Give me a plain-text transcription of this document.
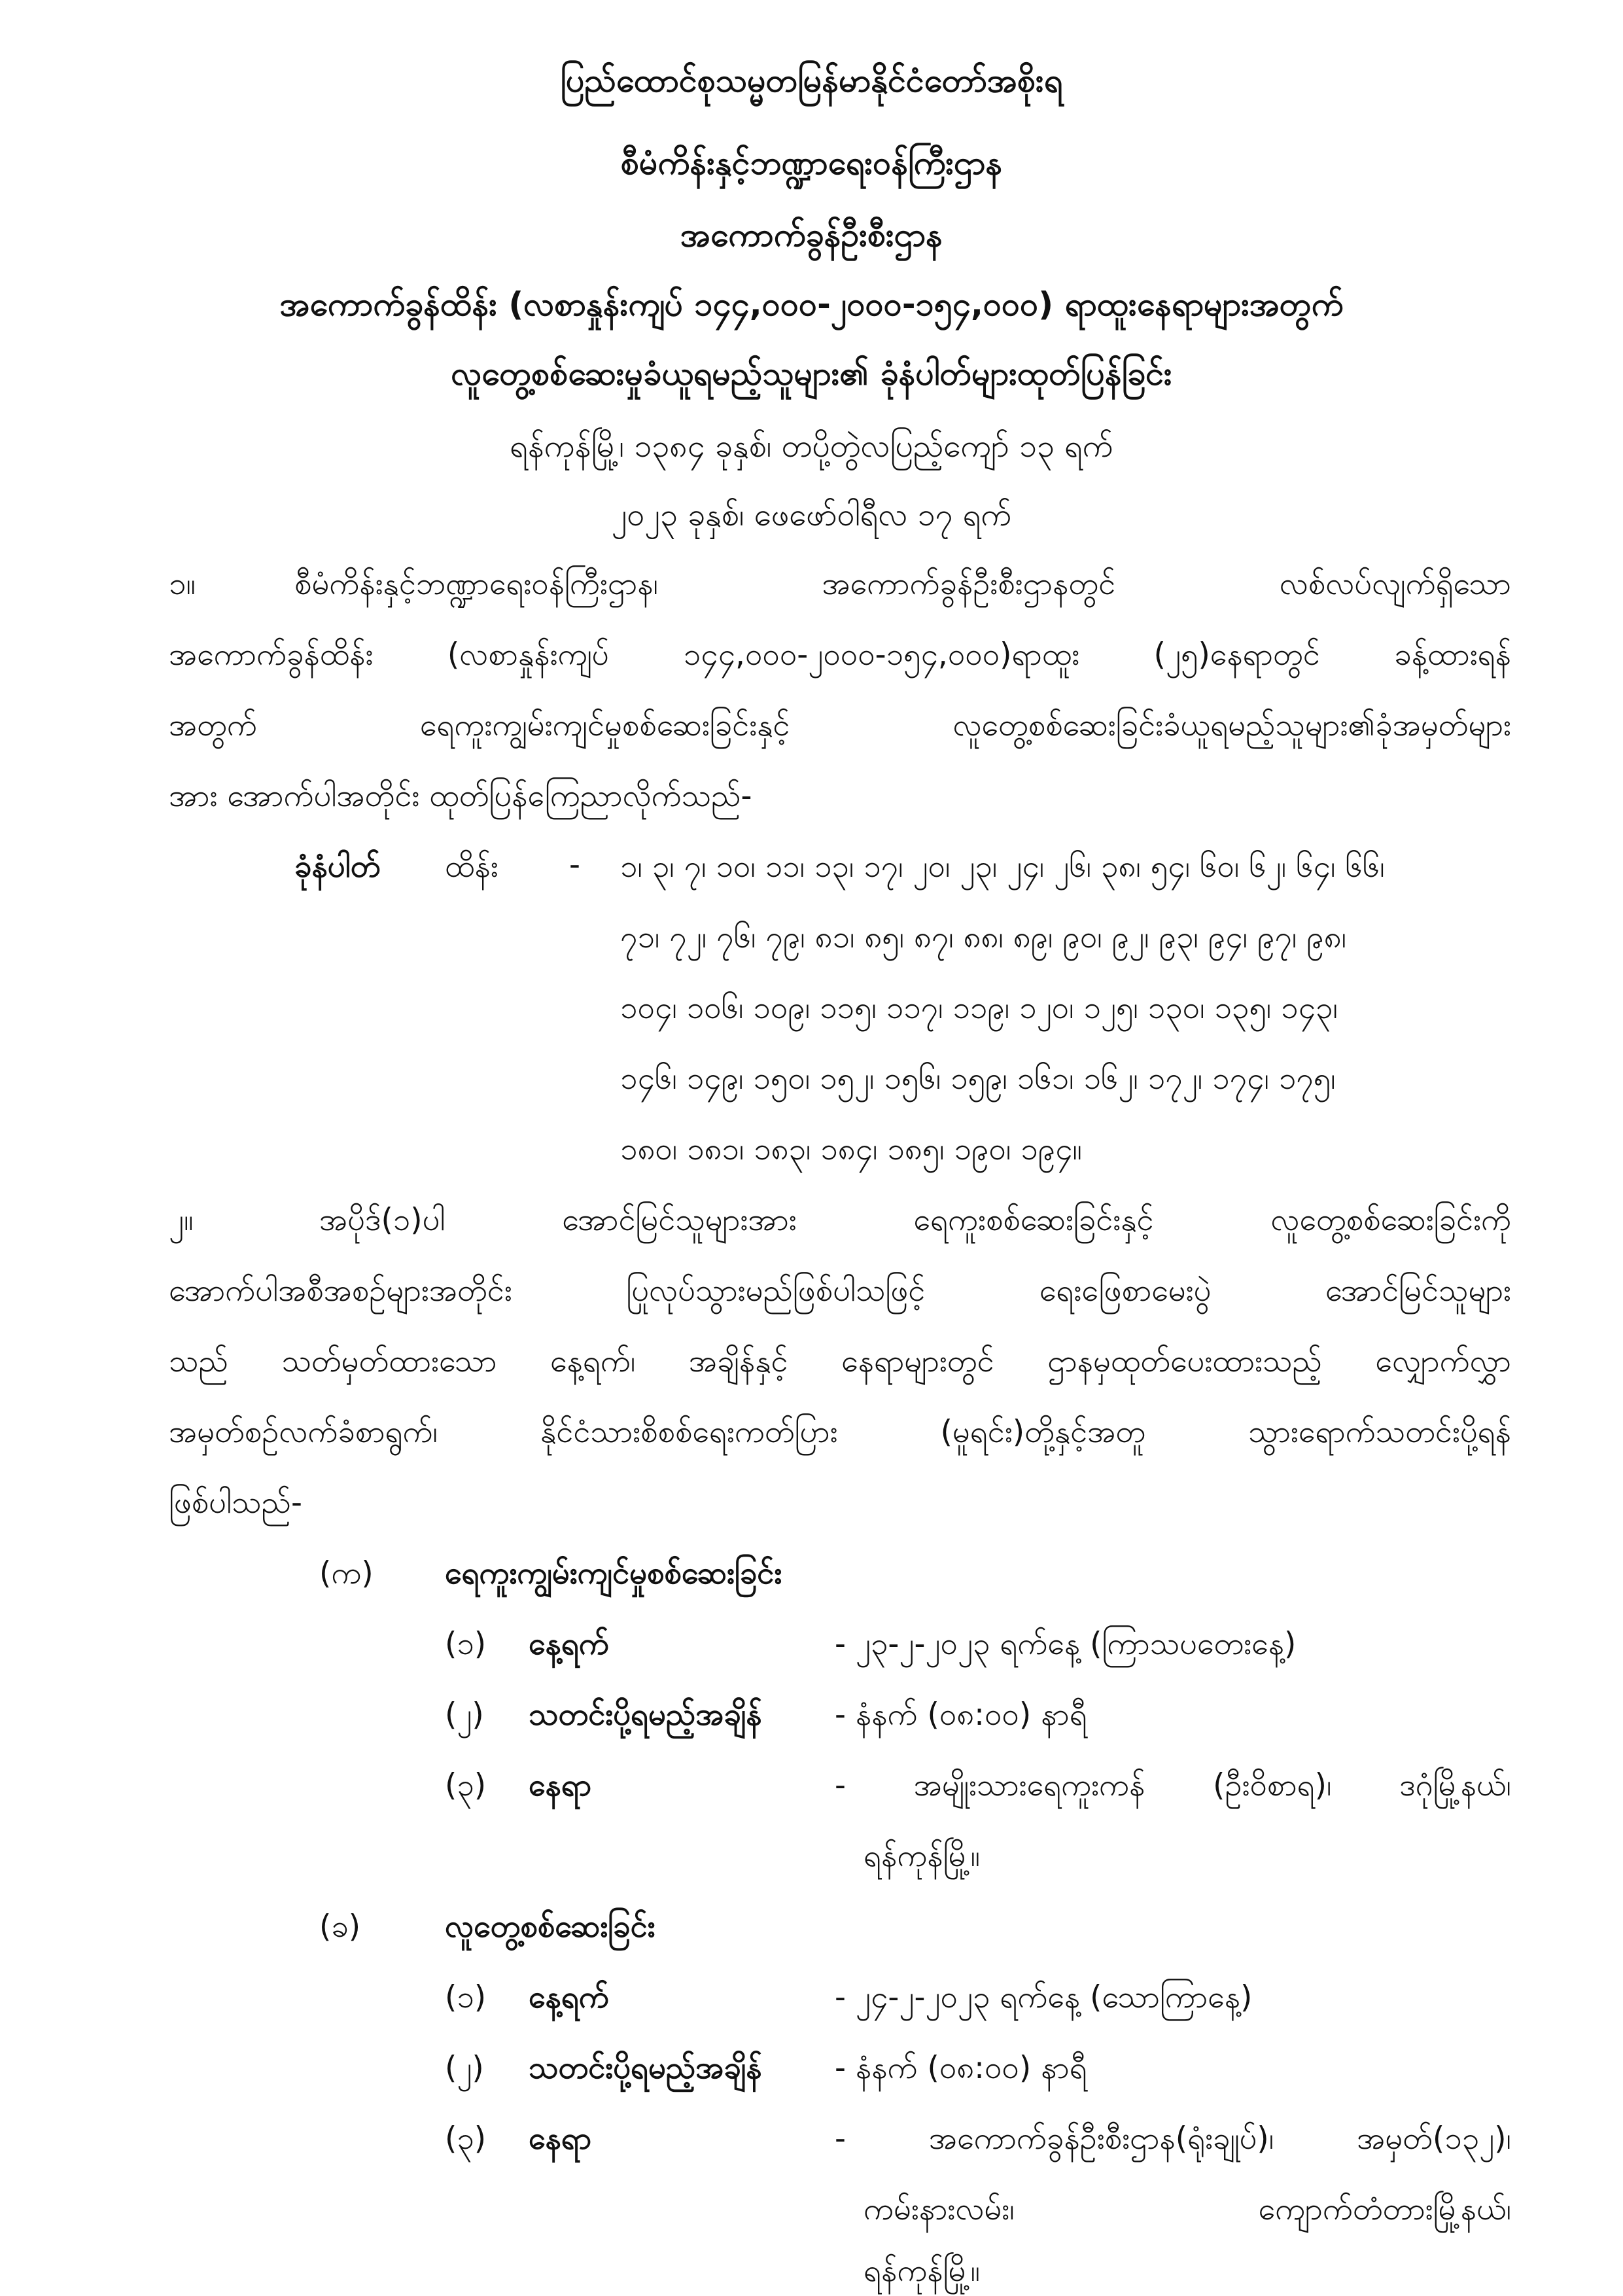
ပြည်ထောင်စုသမ္မတမြန်မာနိုင်ငံတော်အစိုးရ
စီမံကိန်းနှင့်ဘဏ္ဍာရေးဝန်ကြီးဌာန
အကောက်ခွန်ဦးစီးဌာန
အကောက်ခွန်ထိန်း (လစာနှုန်းကျပ် ၁၄၄,၀၀၀-၂၀၀၀-၁၅၄,၀၀၀) ရာထူးနေရာများအတွက်
လူတွေ့စစ်ဆေးမှုခံယူရမည့်သူများ၏ ခုံနံပါတ်များထုတ်ပြန်ခြင်း
ရန်ကုန်မြို့၊ ၁၃၈၄ ခုနှစ်၊ တပို့တွဲလပြည့်ကျော် ၁၃ ရက်
၂၀၂၃ ခုနှစ်၊ ဖေဖော်ဝါရီလ ၁၇ ရက်
၁။	စီမံကိန်းနှင့်ဘဏ္ဍာရေးဝန်ကြီးဌာန၊ အကောက်ခွန်ဦးစီးဌာနတွင် လစ်လပ်လျက်ရှိသော
အကောက်ခွန်ထိန်း (လစာနှုန်းကျပ် ၁၄၄,၀၀၀-၂၀၀၀-၁၅၄,၀၀၀)ရာထူး (၂၅)နေရာတွင် ခန့်ထားရန်
အတွက် ရေကူးကျွမ်းကျင်မှုစစ်ဆေးခြင်းနှင့် လူတွေ့စစ်ဆေးခြင်းခံယူရမည့်သူများ၏ခုံအမှတ်များ
အား အောက်ပါအတိုင်း ထုတ်ပြန်ကြေညာလိုက်သည်-
ခုံနံပါတ် ထိန်း - ၁၊ ၃၊ ၇၊ ၁၀၊ ၁၁၊ ၁၃၊ ၁၇၊ ၂၀၊ ၂၃၊ ၂၄၊ ၂၆၊ ၃၈၊ ၅၄၊ ၆၀၊ ၆၂၊ ၆၄၊ ၆၆၊
၇၁၊ ၇၂၊ ၇၆၊ ၇၉၊ ၈၁၊ ၈၅၊ ၈၇၊ ၈၈၊ ၈၉၊ ၉၀၊ ၉၂၊ ၉၃၊ ၉၄၊ ၉၇၊ ၉၈၊
၁၀၄၊ ၁၀၆၊ ၁၀၉၊ ၁၁၅၊ ၁၁၇၊ ၁၁၉၊ ၁၂၀၊ ၁၂၅၊ ၁၃၀၊ ၁၃၅၊ ၁၄၃၊
၁၄၆၊ ၁၄၉၊ ၁၅၀၊ ၁၅၂၊ ၁၅၆၊ ၁၅၉၊ ၁၆၁၊ ၁၆၂၊ ၁၇၂၊ ၁၇၄၊ ၁၇၅၊
၁၈၀၊ ၁၈၁၊ ၁၈၃၊ ၁၈၄၊ ၁၈၅၊ ၁၉၀၊ ၁၉၄။
၂။	အပိုဒ်(၁)ပါ အောင်မြင်သူများအား ရေကူးစစ်ဆေးခြင်းနှင့် လူတွေ့စစ်ဆေးခြင်းကို
အောက်ပါအစီအစဉ်များအတိုင်း ပြုလုပ်သွားမည်ဖြစ်ပါသဖြင့် ရေးဖြေစာမေးပွဲ အောင်မြင်သူများ
သည် သတ်မှတ်ထားသော နေ့ရက်၊ အချိန်နှင့် နေရာများတွင် ဌာနမှထုတ်ပေးထားသည့် လျှောက်လွှာ
အမှတ်စဉ်လက်ခံစာရွက်၊ နိုင်ငံသားစိစစ်ရေးကတ်ပြား (မူရင်း)တို့နှင့်အတူ သွားရောက်သတင်းပို့ရန်
ဖြစ်ပါသည်-
(က) ရေကူးကျွမ်းကျင်မှုစစ်ဆေးခြင်း
(၁) နေ့ရက်	- ၂၃-၂-၂၀၂၃ ရက်နေ့ (ကြာသပတေးနေ့)
(၂) သတင်းပို့ရမည့်အချိန် - နံနက် (၀၈:၀၀) နာရီ
(၃) နေရာ	- အမျိုးသားရေကူးကန် (ဦးဝိစာရ)၊ ဒဂုံမြို့နယ်၊
ရန်ကုန်မြို့။
(ခ)	လူတွေ့စစ်ဆေးခြင်း
(၁) နေ့ရက်	- ၂၄-၂-၂၀၂၃ ရက်နေ့ (သောကြာနေ့)
(၂) သတင်းပို့ရမည့်အချိန် - နံနက် (၀၈:၀၀) နာရီ
(၃) နေရာ	- အကောက်ခွန်ဦးစီးဌာန(ရုံးချုပ်)၊ အမှတ်(၁၃၂)၊
ကမ်းနားလမ်း၊ ကျောက်တံတားမြို့နယ်၊
ရန်ကုန်မြို့။
